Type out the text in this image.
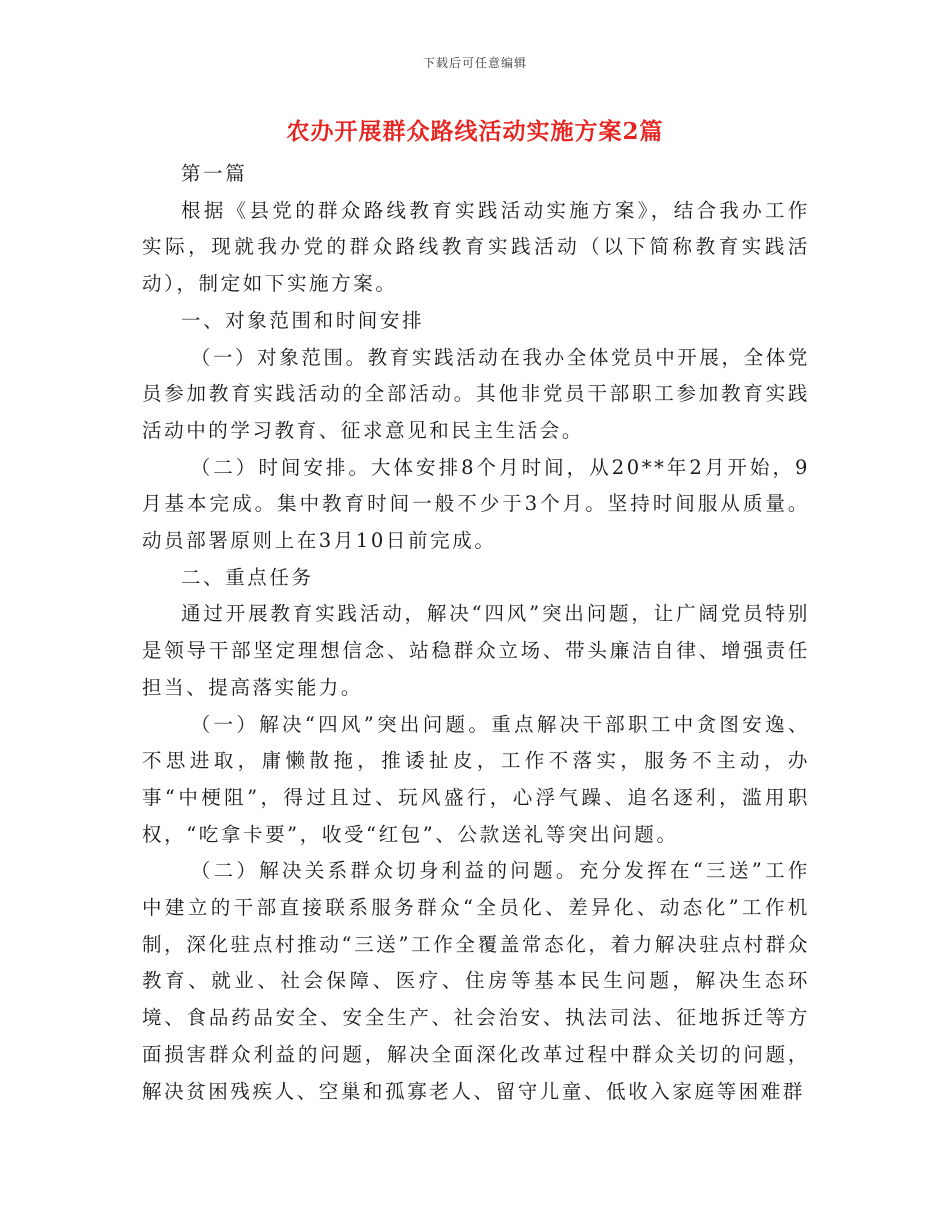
下载后可任意编辑
农办开展群众路线活动实施方案2篇

第一篇

根据《县党的群众路线教育实践活动实施方案》，结合我办工作实际，现就我办党的群众路线教育实践活动（以下简称教育实践活动），制定如下实施方案。

一、对象范围和时间安排

（一）对象范围。教育实践活动在我办全体党员中开展，全体党员参加教育实践活动的全部活动。其他非党员干部职工参加教育实践活动中的学习教育、征求意见和民主生活会。

（二）时间安排。大体安排8个月时间，从20**年2月开始，9月基本完成。集中教育时间一般不少于3个月。坚持时间服从质量。动员部署原则上在3月10日前完成。

二、重点任务

通过开展教育实践活动，解决“四风”突出问题，让广阔党员特别是领导干部坚定理想信念、站稳群众立场、带头廉洁自律、增强责任担当、提高落实能力。

（一）解决“四风”突出问题。重点解决干部职工中贪图安逸、不思进取，庸懒散拖，推诿扯皮，工作不落实，服务不主动，办事“中梗阻”，得过且过、玩风盛行，心浮气躁、追名逐利，滥用职权，“吃拿卡要”，收受“红包”、公款送礼等突出问题。

（二）解决关系群众切身利益的问题。充分发挥在“三送”工作中建立的干部直接联系服务群众“全员化、差异化、动态化”工作机制，深化驻点村推动“三送”工作全覆盖常态化，着力解决驻点村群众教育、就业、社会保障、医疗、住房等基本民生问题，解决生态环境、食品药品安全、安全生产、社会治安、执法司法、征地拆迁等方面损害群众利益的问题，解决全面深化改革过程中群众关切的问题，解决贫困残疾人、空巢和孤寡老人、留守儿童、低收入家庭等困难群
